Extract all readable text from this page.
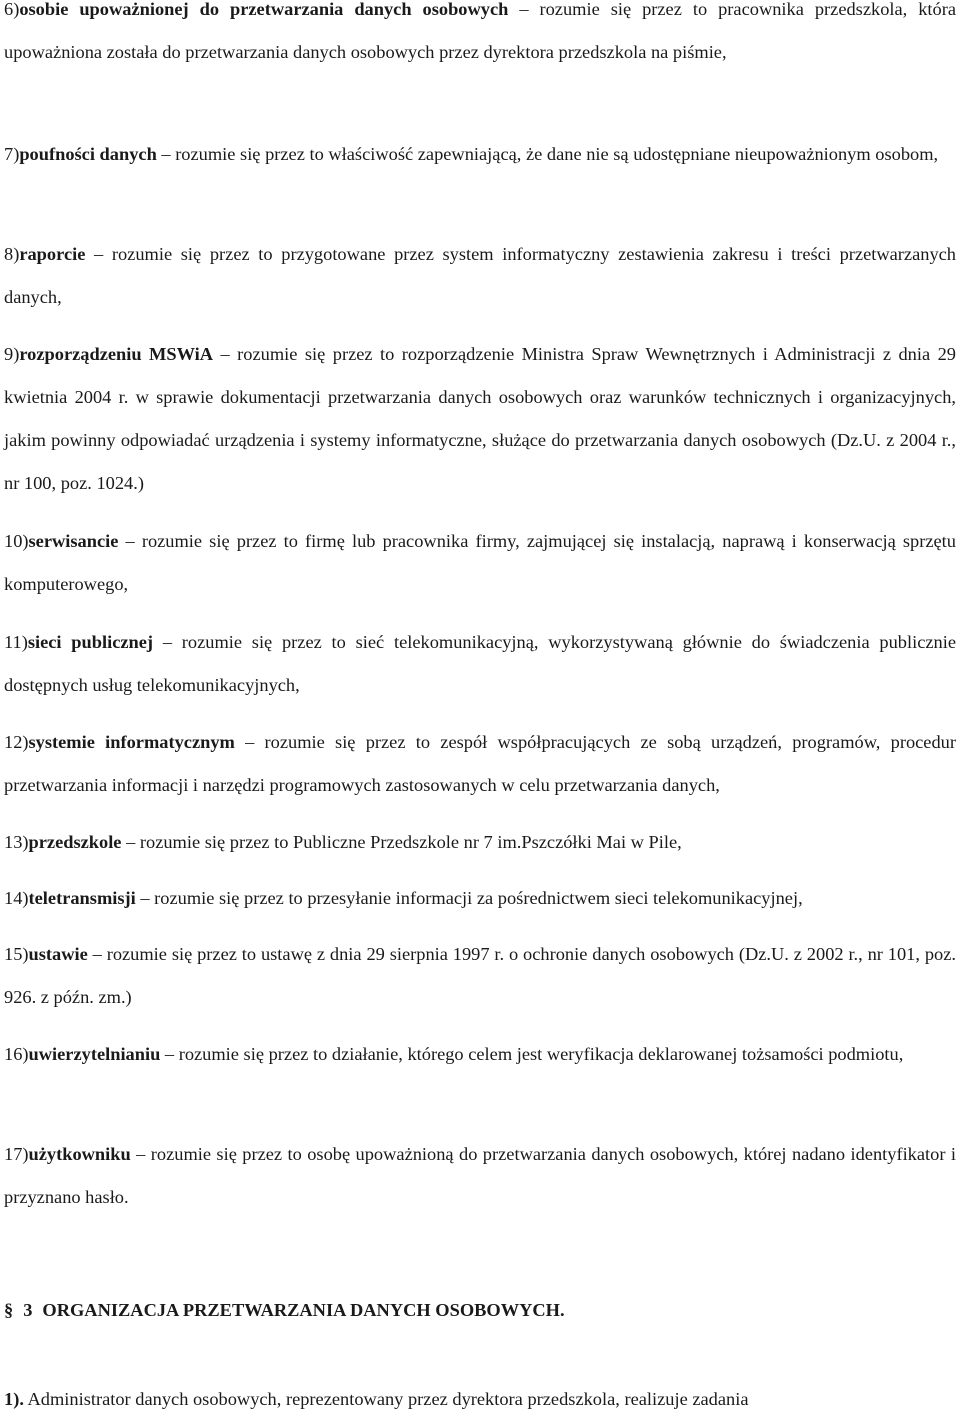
6)osobie upoważnionej do przetwarzania danych osobowych – rozumie się przez to pracownika przedszkola, która upoważniona została do przetwarzania danych osobowych przez dyrektora przedszkola na piśmie,

7)poufności danych – rozumie się przez to właściwość zapewniającą, że dane nie są udostępniane nieupoważnionym osobom,

8)raporcie – rozumie się przez to przygotowane przez system informatyczny zestawienia zakresu i treści przetwarzanych danych,

9)rozporządzeniu MSWiA – rozumie się przez to rozporządzenie Ministra Spraw Wewnętrznych i Administracji z dnia 29 kwietnia 2004 r. w sprawie dokumentacji przetwarzania danych osobowych oraz warunków technicznych i organizacyjnych, jakim powinny odpowiadać urządzenia i systemy informatyczne, służące do przetwarzania danych osobowych (Dz.U. z 2004 r., nr 100, poz. 1024.)

10)serwisancie – rozumie się przez to firmę lub pracownika firmy, zajmującej się instalacją, naprawą i konserwacją sprzętu komputerowego,

11)sieci publicznej – rozumie się przez to sieć telekomunikacyjną, wykorzystywaną głównie do świadczenia publicznie dostępnych usług telekomunikacyjnych,

12)systemie informatycznym – rozumie się przez to zespół współpracujących ze sobą urządzeń, programów, procedur przetwarzania informacji i narzędzi programowych zastosowanych w celu przetwarzania danych,

13)przedszkole – rozumie się przez to Publiczne Przedszkole nr 7 im.Pszczółki Mai w Pile,

14)teletransmisji – rozumie się przez to przesyłanie informacji za pośrednictwem sieci telekomunikacyjnej,

15)ustawie – rozumie się przez to ustawę z dnia 29 sierpnia 1997 r. o ochronie danych osobowych (Dz.U. z 2002 r., nr 101, poz. 926. z późn. zm.)

16)uwierzytelnianiu – rozumie się przez to działanie, którego celem jest weryfikacja deklarowanej tożsamości podmiotu,

17)użytkowniku – rozumie się przez to osobę upoważnioną do przetwarzania danych osobowych, której nadano identyfikator i przyznano hasło.

§ 3 ORGANIZACJA PRZETWARZANIA DANYCH OSOBOWYCH.

1). Administrator danych osobowych, reprezentowany przez dyrektora przedszkola, realizuje zadania
